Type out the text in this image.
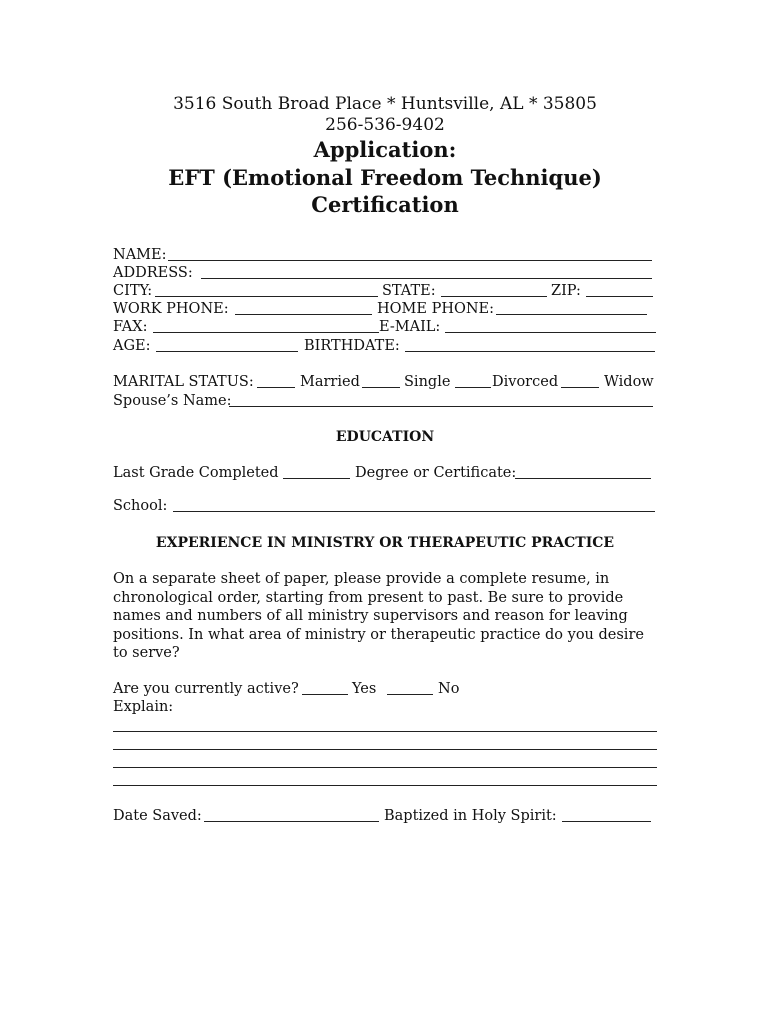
3516 South Broad Place * Huntsville, AL * 35805
256-536-9402
Application:
EFT (Emotional Freedom Technique)
Certification
NAME:
ADDRESS:
CITY:	STATE:	ZIP:
WORK PHONE:	HOME PHONE:
FAX:	E-MAIL:
AGE:	BIRTHDATE:
MARITAL STATUS:	Married	Single	Divorced	Widow
Spouse’s Name:
EDUCATION
Last Grade Completed	Degree or Certificate:
School:
EXPERIENCE IN MINISTRY OR THERAPEUTIC PRACTICE
On a separate sheet of paper, please provide a complete resume, in chronological order, starting from present to past. Be sure to provide names and numbers of all ministry supervisors and reason for leaving positions. In what area of ministry or therapeutic practice do you desire to serve?
Are you currently active?	Yes	No
Explain:
Date Saved:	Baptized in Holy Spirit:
